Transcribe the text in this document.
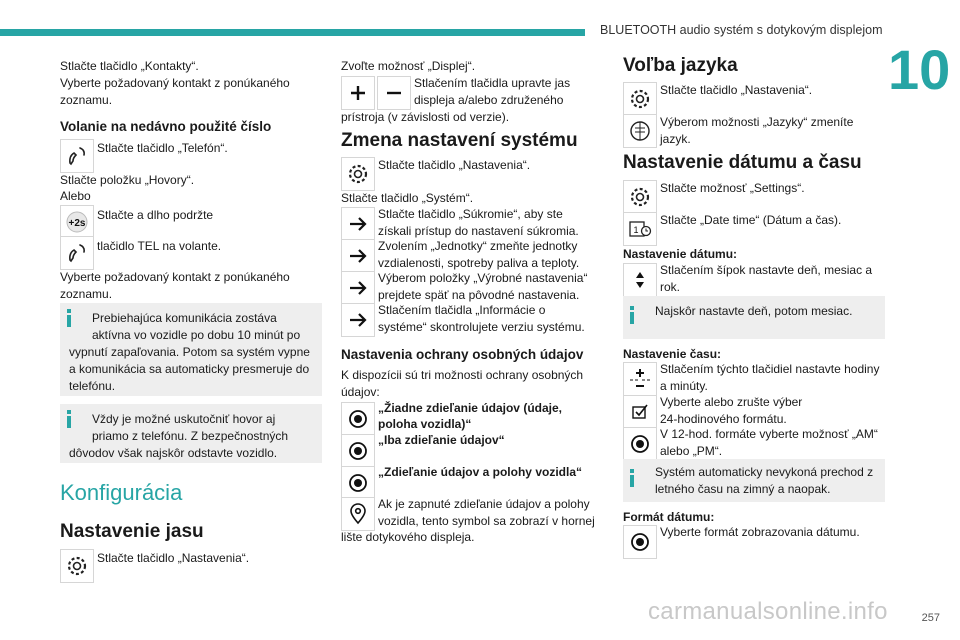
BLUETOOTH audio systém s dotykovým displejom
10
Stlačte tlačidlo „Kontakty“.
Vyberte požadovaný kontakt z ponúkaného
zoznamu.
Volanie na nedávno použité číslo
Stlačte tlačidlo „Telefón“.
Stlačte položku „Hovory“.
Alebo
+2s
Stlačte a dlho podržte
tlačidlo TEL na volante.
Vyberte požadovaný kontakt z ponúkaného
zoznamu.
Prebiehajúca komunikácia zostáva
aktívna vo vozidle po dobu 10 minút po
vypnutí zapaľovania. Potom sa systém vypne
a komunikácia sa automaticky presmeruje do
telefónu.
Vždy je možné uskutočniť hovor aj
priamo z telefónu. Z bezpečnostných
dôvodov však najskôr odstavte vozidlo.
Konfigurácia
Nastavenie jasu
Stlačte tlačidlo „Nastavenia“.
Zvoľte možnosť „Displej“.
Stlačením tlačidla upravte jas
displeja a/alebo združeného
prístroja (v závislosti od verzie).
Zmena nastavení systému
Stlačte tlačidlo „Nastavenia“.
Stlačte tlačidlo „Systém“.
Stlačte tlačidlo „Súkromie“, aby ste
získali prístup do nastavení súkromia.
Zvolením „Jednotky“ zmeňte jednotky
vzdialenosti, spotreby paliva a teploty.
Výberom položky „Výrobné nastavenia“
prejdete späť na pôvodné nastavenia.
Stlačením tlačidla „Informácie o
systéme“ skontrolujete verziu systému.
Nastavenia ochrany osobných údajov
K dispozícii sú tri možnosti ochrany osobných
údajov:
„Žiadne zdieľanie údajov (údaje,
poloha vozidla)“
„Iba zdieľanie údajov“
„Zdieľanie údajov a polohy vozidla“
Ak je zapnuté zdieľanie údajov a polohy
vozidla, tento symbol sa zobrazí v hornej
lište dotykového displeja.
Voľba jazyka
Stlačte tlačidlo „Nastavenia“.
Výberom možnosti „Jazyky“ zmeníte
jazyk.
Nastavenie dátumu a času
Stlačte možnosť „Settings“.
1
Stlačte „Date time“ (Dátum a čas).
Nastavenie dátumu:
Stlačením šípok nastavte deň, mesiac a
rok.
Najskôr nastavte deň, potom mesiac.
Nastavenie času:
Stlačením týchto tlačidiel nastavte hodiny
a minúty.
Vyberte alebo zrušte výber
24-hodinového formátu.
V 12-hod. formáte vyberte možnosť „AM“
alebo „PM“.
Systém automaticky nevykoná prechod z
letného času na zimný a naopak.
Formát dátumu:
Vyberte formát zobrazovania dátumu.
carmanualsonline.info	257
